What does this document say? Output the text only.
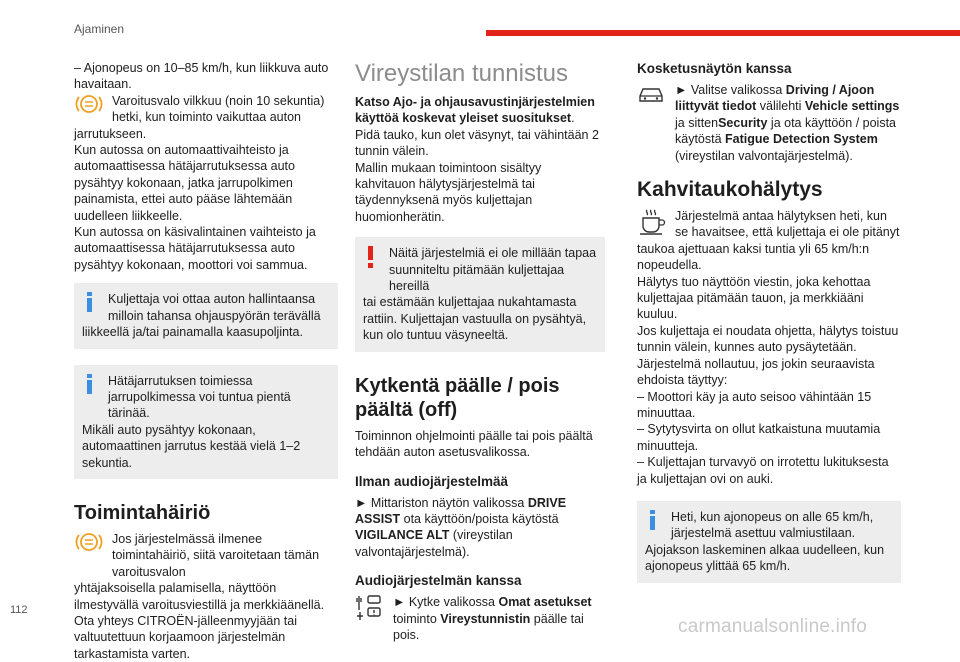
Ajaminen

– Ajonopeus on 10–85 km/h, kun liikkuva auto havaitaan.

Varoitusvalo vilkkuu (noin 10 sekuntia) hetki, kun toiminto vaikuttaa auton

jarrutukseen.

Kun autossa on automaattivaihteisto ja automaattisessa hätäjarrutuksessa auto pysähtyy kokonaan, jatka jarrupolkimen painamista, ettei auto pääse lähtemään uudelleen liikkeelle.

Kun autossa on käsivalintainen vaihteisto ja automaattisessa hätäjarrutuksessa auto pysähtyy kokonaan, moottori voi sammua.

Kuljettaja voi ottaa auton hallintaansa milloin tahansa ohjauspyörän terävällä

liikkeellä ja/tai painamalla kaasupoljinta.

Hätäjarrutuksen toimiessa jarrupolkimessa voi tuntua pientä tärinää.

Mikäli auto pysähtyy kokonaan, automaattinen jarrutus kestää vielä 1–2 sekuntia.

Toimintahäiriö

Jos järjestelmässä ilmenee toimintahäiriö, siitä varoitetaan tämän varoitusvalon

yhtäjaksoisella palamisella, näyttöön ilmestyvällä varoitusviestillä ja merkkiäänellä.

Ota yhteys CITROËN-jälleenmyyjään tai valtuutettuun korjaamoon järjestelmän tarkastamista varten.

Vireystilan tunnistus

Katso Ajo- ja ohjausavustinjärjestelmien käyttöä koskevat yleiset suositukset.

Pidä tauko, kun olet väsynyt, tai vähintään 2 tunnin välein.

Mallin mukaan toimintoon sisältyy kahvitauon hälytysjärjestelmä tai täydennyksenä myös kuljettajan huomionherätin.

Näitä järjestelmiä ei ole millään tapaa suunniteltu pitämään kuljettajaa hereillä

tai estämään kuljettajaa nukahtamasta rattiin. Kuljettajan vastuulla on pysähtyä, kun olo tuntuu väsyneeltä.

Kytkentä päälle / pois päältä (off)

Toiminnon ohjelmointi päälle tai pois päältä tehdään auton asetusvalikossa.

Ilman audiojärjestelmää

► Mittariston näytön valikossa DRIVE ASSIST ota käyttöön/poista käytöstä VIGILANCE ALT (vireystilan valvontajärjestelmä).

Audiojärjestelmän kanssa

► Kytke valikossa Omat asetukset toiminto Vireystunnistin päälle tai pois.

Kosketusnäytön kanssa

► Valitse valikossa Driving / Ajoon liittyvät tiedot välilehti Vehicle settings ja sittenSecurity ja ota käyttöön / poista käytöstä Fatigue Detection System (vireystilan valvontajärjestelmä).

Kahvitaukohälytys

Järjestelmä antaa hälytyksen heti, kun se havaitsee, että kuljettaja ei ole pitänyt

taukoa ajettuaan kaksi tuntia yli 65 km/h:n nopeudella.

Hälytys tuo näyttöön viestin, joka kehottaa kuljettajaa pitämään tauon, ja merkkiääni kuuluu.

Jos kuljettaja ei noudata ohjetta, hälytys toistuu tunnin välein, kunnes auto pysäytetään.

Järjestelmä nollautuu, jos jokin seuraavista ehdoista täyttyy:

– Moottori käy ja auto seisoo vähintään 15 minuuttaa.

– Sytytysvirta on ollut katkaistuna muutamia minuutteja.

– Kuljettajan turvavyö on irrotettu lukituksesta ja kuljettajan ovi on auki.

Heti, kun ajonopeus on alle 65 km/h, järjestelmä asettuu valmiustilaan.

Ajojakson laskeminen alkaa uudelleen, kun ajonopeus ylittää 65 km/h.

112
carmanualsonline.info
